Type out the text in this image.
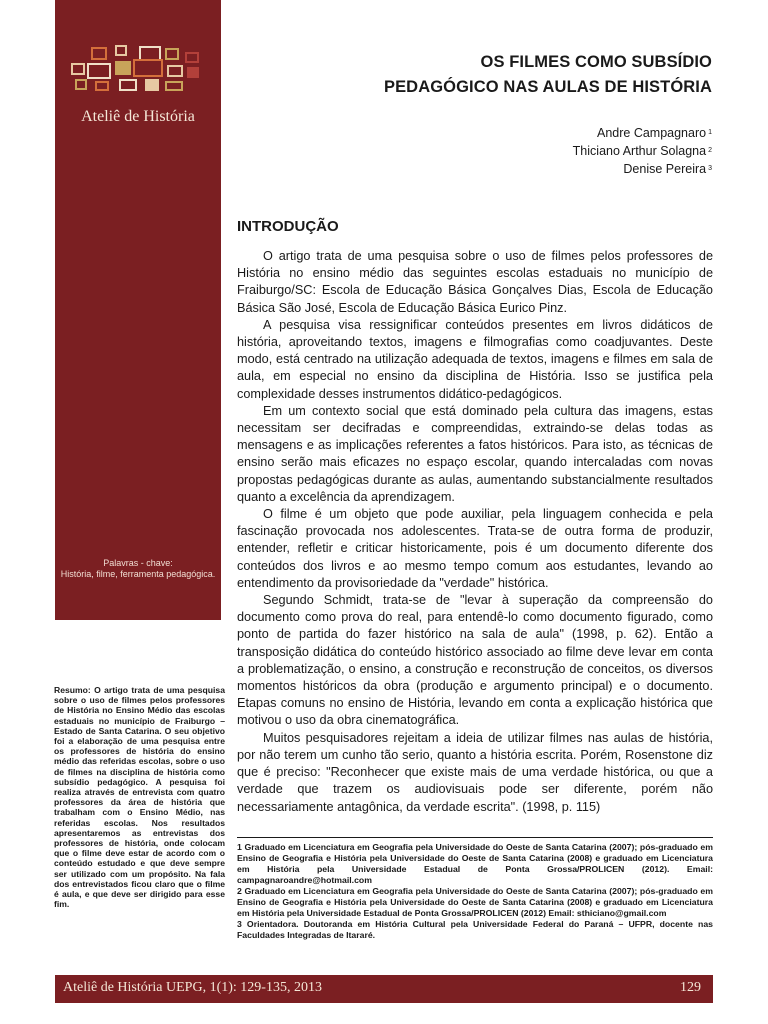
Ateliê de História
Palavras - chave:
História, filme, ferramenta pedagógica.
Resumo: O artigo trata de uma pesquisa sobre o uso de filmes pelos professores de História no Ensino Médio das escolas estaduais no município de Fraiburgo – Estado de Santa Catarina. O seu objetivo foi a elaboração de uma pesquisa entre os professores de história do ensino médio das referidas escolas, sobre o uso de filmes na disciplina de história como subsídio pedagógico. A pesquisa foi realiza através de entrevista com quatro professores da área de história que trabalham com o Ensino Médio, nas referidas escolas. Nos resultados apresentaremos as entrevistas dos professores de história, onde colocam que o filme deve estar de acordo com o conteúdo estudado e que deve sempre ser utilizado com um propósito. Na fala dos entrevistados ficou claro que o filme é aula, e que deve ser dirigido para esse fim.
OS FILMES COMO SUBSÍDIO
PEDAGÓGICO NAS AULAS DE HISTÓRIA
Andre Campagnaro $^1$
Thiciano Arthur Solagna $^2$
Denise Pereira $^3$
INTRODUÇÃO

O artigo trata de uma pesquisa sobre o uso de filmes pelos professores de História no ensino médio das seguintes escolas estaduais no município de Fraiburgo/SC: Escola de Educação Básica Gonçalves Dias, Escola de Educação Básica São José, Escola de Educação Básica Eurico Pinz.

A pesquisa visa ressignificar conteúdos presentes em livros didáticos de história, aproveitando textos, imagens e filmografias como coadjuvantes. Deste modo, está centrado na utilização adequada de textos, imagens e filmes em sala de aula, em especial no ensino da disciplina de História. Isso se justifica pela complexidade desses instrumentos didático-pedagógicos.

Em um contexto social que está dominado pela cultura das imagens, estas necessitam ser decifradas e compreendidas, extraindo-se delas todas as mensagens e as implicações referentes a fatos históricos. Para isto, as técnicas de ensino serão mais eficazes no espaço escolar, quando intercaladas com novas propostas pedagógicas durante as aulas, aumentando substancialmente resultados quanto a excelência da aprendizagem.

O filme é um objeto que pode auxiliar, pela linguagem conhecida e pela fascinação provocada nos adolescentes. Trata-se de outra forma de produzir, entender, refletir e criticar historicamente, pois é um documento diferente dos conteúdos dos livros e ao mesmo tempo comum aos estudantes, levando ao entendimento da provisoriedade da "verdade" histórica.

Segundo Schmidt, trata-se de "levar à superação da compreensão do documento como prova do real, para entendê-lo como documento figurado, como ponto de partida do fazer histórico na sala de aula" (1998, p. 62). Então a transposição didática do conteúdo histórico associado ao filme deve levar em conta a problematização, o ensino, a construção e reconstrução de conceitos, os diversos momentos históricos da obra (produção e argumento principal) e o documento. Etapas comuns no ensino de História, levando em conta a explicação histórica que motivou o uso da obra cinematográfica.

Muitos pesquisadores rejeitam a ideia de utilizar filmes nas aulas de história, por não terem um cunho tão serio, quanto a história escrita. Porém, Rosenstone diz que é preciso: "Reconhecer que existe mais de uma verdade histórica, ou que a verdade que trazem os audiovisuais pode ser diferente, porém não necessariamente antagônica, da verdade escrita". (1998, p. 115)

1 Graduado em Licenciatura em Geografia pela Universidade do Oeste de Santa Catarina (2007); pós-graduado em Ensino de Geografia e História pela Universidade do Oeste de Santa Catarina (2008) e graduado em Licenciatura em História pela Universidade Estadual de Ponta Grossa/PROLICEN (2012). Email: campagnaroandre@hotmail.com

2 Graduado em Licenciatura em Geografia pela Universidade do Oeste de Santa Catarina (2007); pós-graduado em Ensino de Geografia e História pela Universidade do Oeste de Santa Catarina (2008) e graduado em Licenciatura em História pela Universidade Estadual de Ponta Grossa/PROLICEN (2012) Email: sthiciano@gmail.com

3 Orientadora. Doutoranda em História Cultural pela Universidade Federal do Paraná – UFPR, docente nas Faculdades Integradas de Itararé.

Ateliê de História UEPG, 1(1): 129-135, 2013	129
